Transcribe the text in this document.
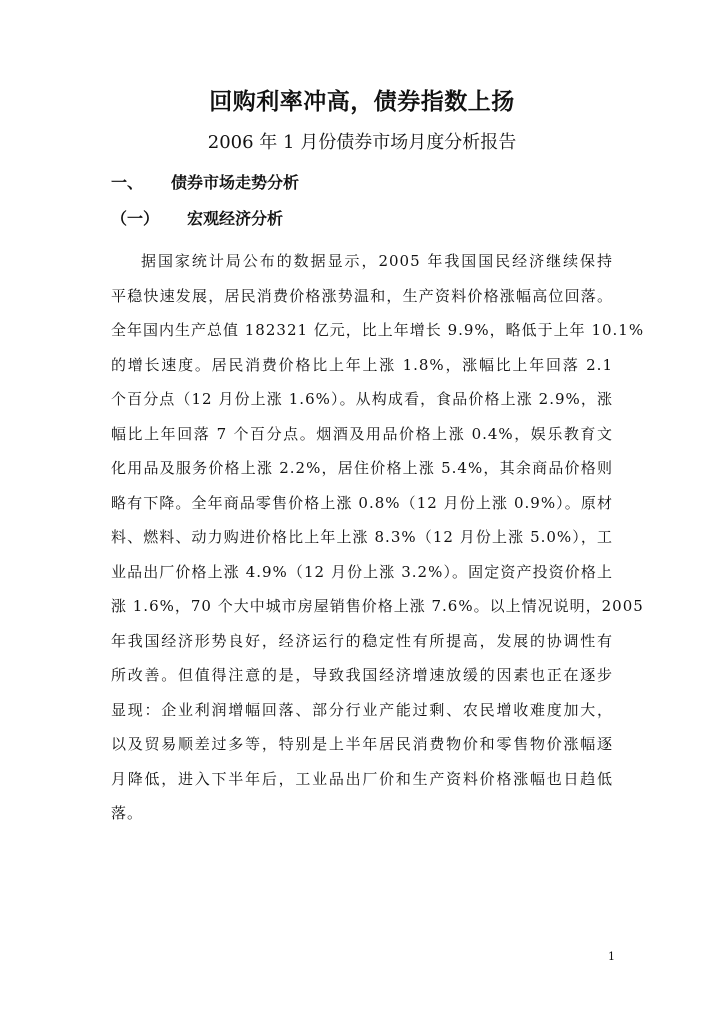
回购利率冲高，债券指数上扬
2006 年 1 月份债券市场月度分析报告
一、 债券市场走势分析
（一） 宏观经济分析
据国家统计局公布的数据显示，2005 年我国国民经济继续保持
平稳快速发展，居民消费价格涨势温和，生产资料价格涨幅高位回落。
全年国内生产总值 182321 亿元，比上年增长 9.9%，略低于上年 10.1%
的增长速度。居民消费价格比上年上涨 1.8%，涨幅比上年回落 2.1
个百分点（12 月份上涨 1.6%）。从构成看，食品价格上涨 2.9%，涨
幅比上年回落 7 个百分点。烟酒及用品价格上涨 0.4%，娱乐教育文
化用品及服务价格上涨 2.2%，居住价格上涨 5.4%，其余商品价格则
略有下降。全年商品零售价格上涨 0.8%（12 月份上涨 0.9%）。原材
料、燃料、动力购进价格比上年上涨 8.3%（12 月份上涨 5.0%），工
业品出厂价格上涨 4.9%（12 月份上涨 3.2%）。固定资产投资价格上
涨 1.6%，70 个大中城市房屋销售价格上涨 7.6%。以上情况说明，2005
年我国经济形势良好，经济运行的稳定性有所提高，发展的协调性有
所改善。但值得注意的是，导致我国经济增速放缓的因素也正在逐步
显现：企业利润增幅回落、部分行业产能过剩、农民增收难度加大，
以及贸易顺差过多等，特别是上半年居民消费物价和零售物价涨幅逐
月降低，进入下半年后，工业品出厂价和生产资料价格涨幅也日趋低
落。
1
